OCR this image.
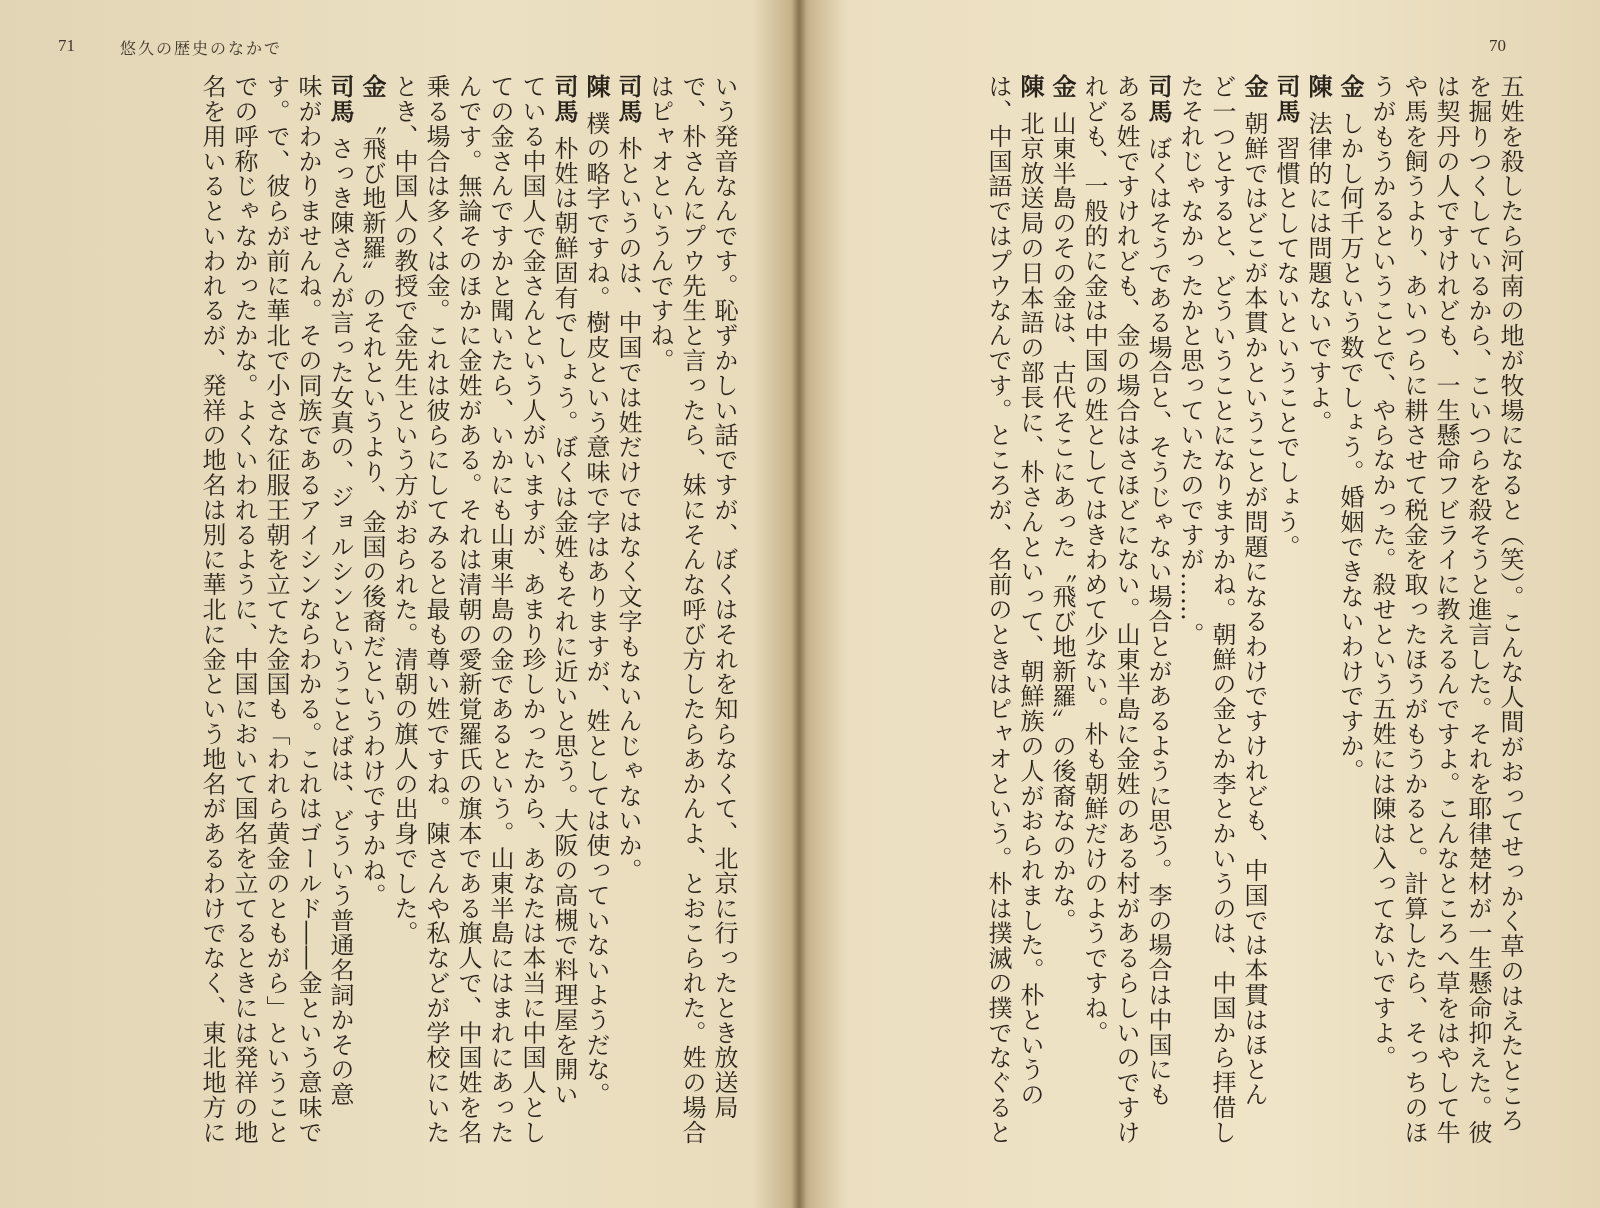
71	悠久の歴史のなかで
いう発音なんです。恥ずかしい話ですが、ぼくはそれを知らなくて、北京に行ったとき放送局
で、朴さんにプウ先生と言ったら、妹にそんな呼び方したらあかんよ、とおこられた。姓の場合
はピャオというんですね。
司馬朴というのは、中国では姓だけではなく文字もないんじゃないか。
陳樸の略字ですね。樹皮という意味で字はありますが、姓としては使っていないようだな。
司馬朴姓は朝鮮固有でしょう。ぼくは金姓もそれに近いと思う。大阪の高槻で料理屋を開い
ている中国人で金さんという人がいますが、あまり珍しかったから、あなたは本当に中国人とし
ての金さんですかと聞いたら、いかにも山東半島の金であるという。山東半島にはまれにあった
んです。無論そのほかに金姓がある。それは清朝の愛新覚羅氏の旗本である旗人で、中国姓を名
乗る場合は多くは金。これは彼らにしてみると最も尊い姓ですね。陳さんや私などが学校にいた
とき、中国人の教授で金先生という方がおられた。清朝の旗人の出身でした。
金〝飛び地新羅〟のそれというより、金国の後裔だというわけですかね。
司馬さっき陳さんが言った女真の、ジョルシンということばは、どういう普通名詞かその意
味がわかりませんね。その同族であるアイシンならわかる。これはゴールド――金という意味で
す。で、彼らが前に華北で小さな征服王朝を立てた金国も「われら黄金のともがら」ということ
での呼称じゃなかったかな。よくいわれるように、中国において国名を立てるときには発祥の地
名を用いるといわれるが、発祥の地名は別に華北に金という地名があるわけでなく、東北地方に
70
五姓を殺したら河南の地が牧場になると（笑）。こんな人間がおってせっかく草のはえたところ
を掘りつくしているから、こいつらを殺そうと進言した。それを耶律楚材が一生懸命抑えた。彼
は契丹の人ですけれども、一生懸命フビライに教えるんですよ。こんなところへ草をはやして牛
や馬を飼うより、あいつらに耕させて税金を取ったほうがもうかると。計算したら、そっちのほ
うがもうかるということで、やらなかった。殺せという五姓には陳は入ってないですよ。
金しかし何千万という数でしょう。婚姻できないわけですか。
陳法律的には問題ないですよ。
司馬習慣としてないということでしょう。
金朝鮮ではどこが本貫かということが問題になるわけですけれども、中国では本貫はほとん
ど一つとすると、どういうことになりますかね。朝鮮の金とか李とかいうのは、中国から拝借し
たそれじゃなかったかと思っていたのですが……。
司馬ぼくはそうである場合と、そうじゃない場合とがあるように思う。李の場合は中国にも
ある姓ですけれども、金の場合はさほどにない。山東半島に金姓のある村があるらしいのですけ
れども、一般的に金は中国の姓としてはきわめて少ない。朴も朝鮮だけのようですね。
金山東半島のその金は、古代そこにあった〝飛び地新羅〟の後裔なのかな。
陳北京放送局の日本語の部長に、朴さんといって、朝鮮族の人がおられました。朴というの
は、中国語ではプウなんです。ところが、名前のときはピャオという。朴は撲滅の撲でなぐると
